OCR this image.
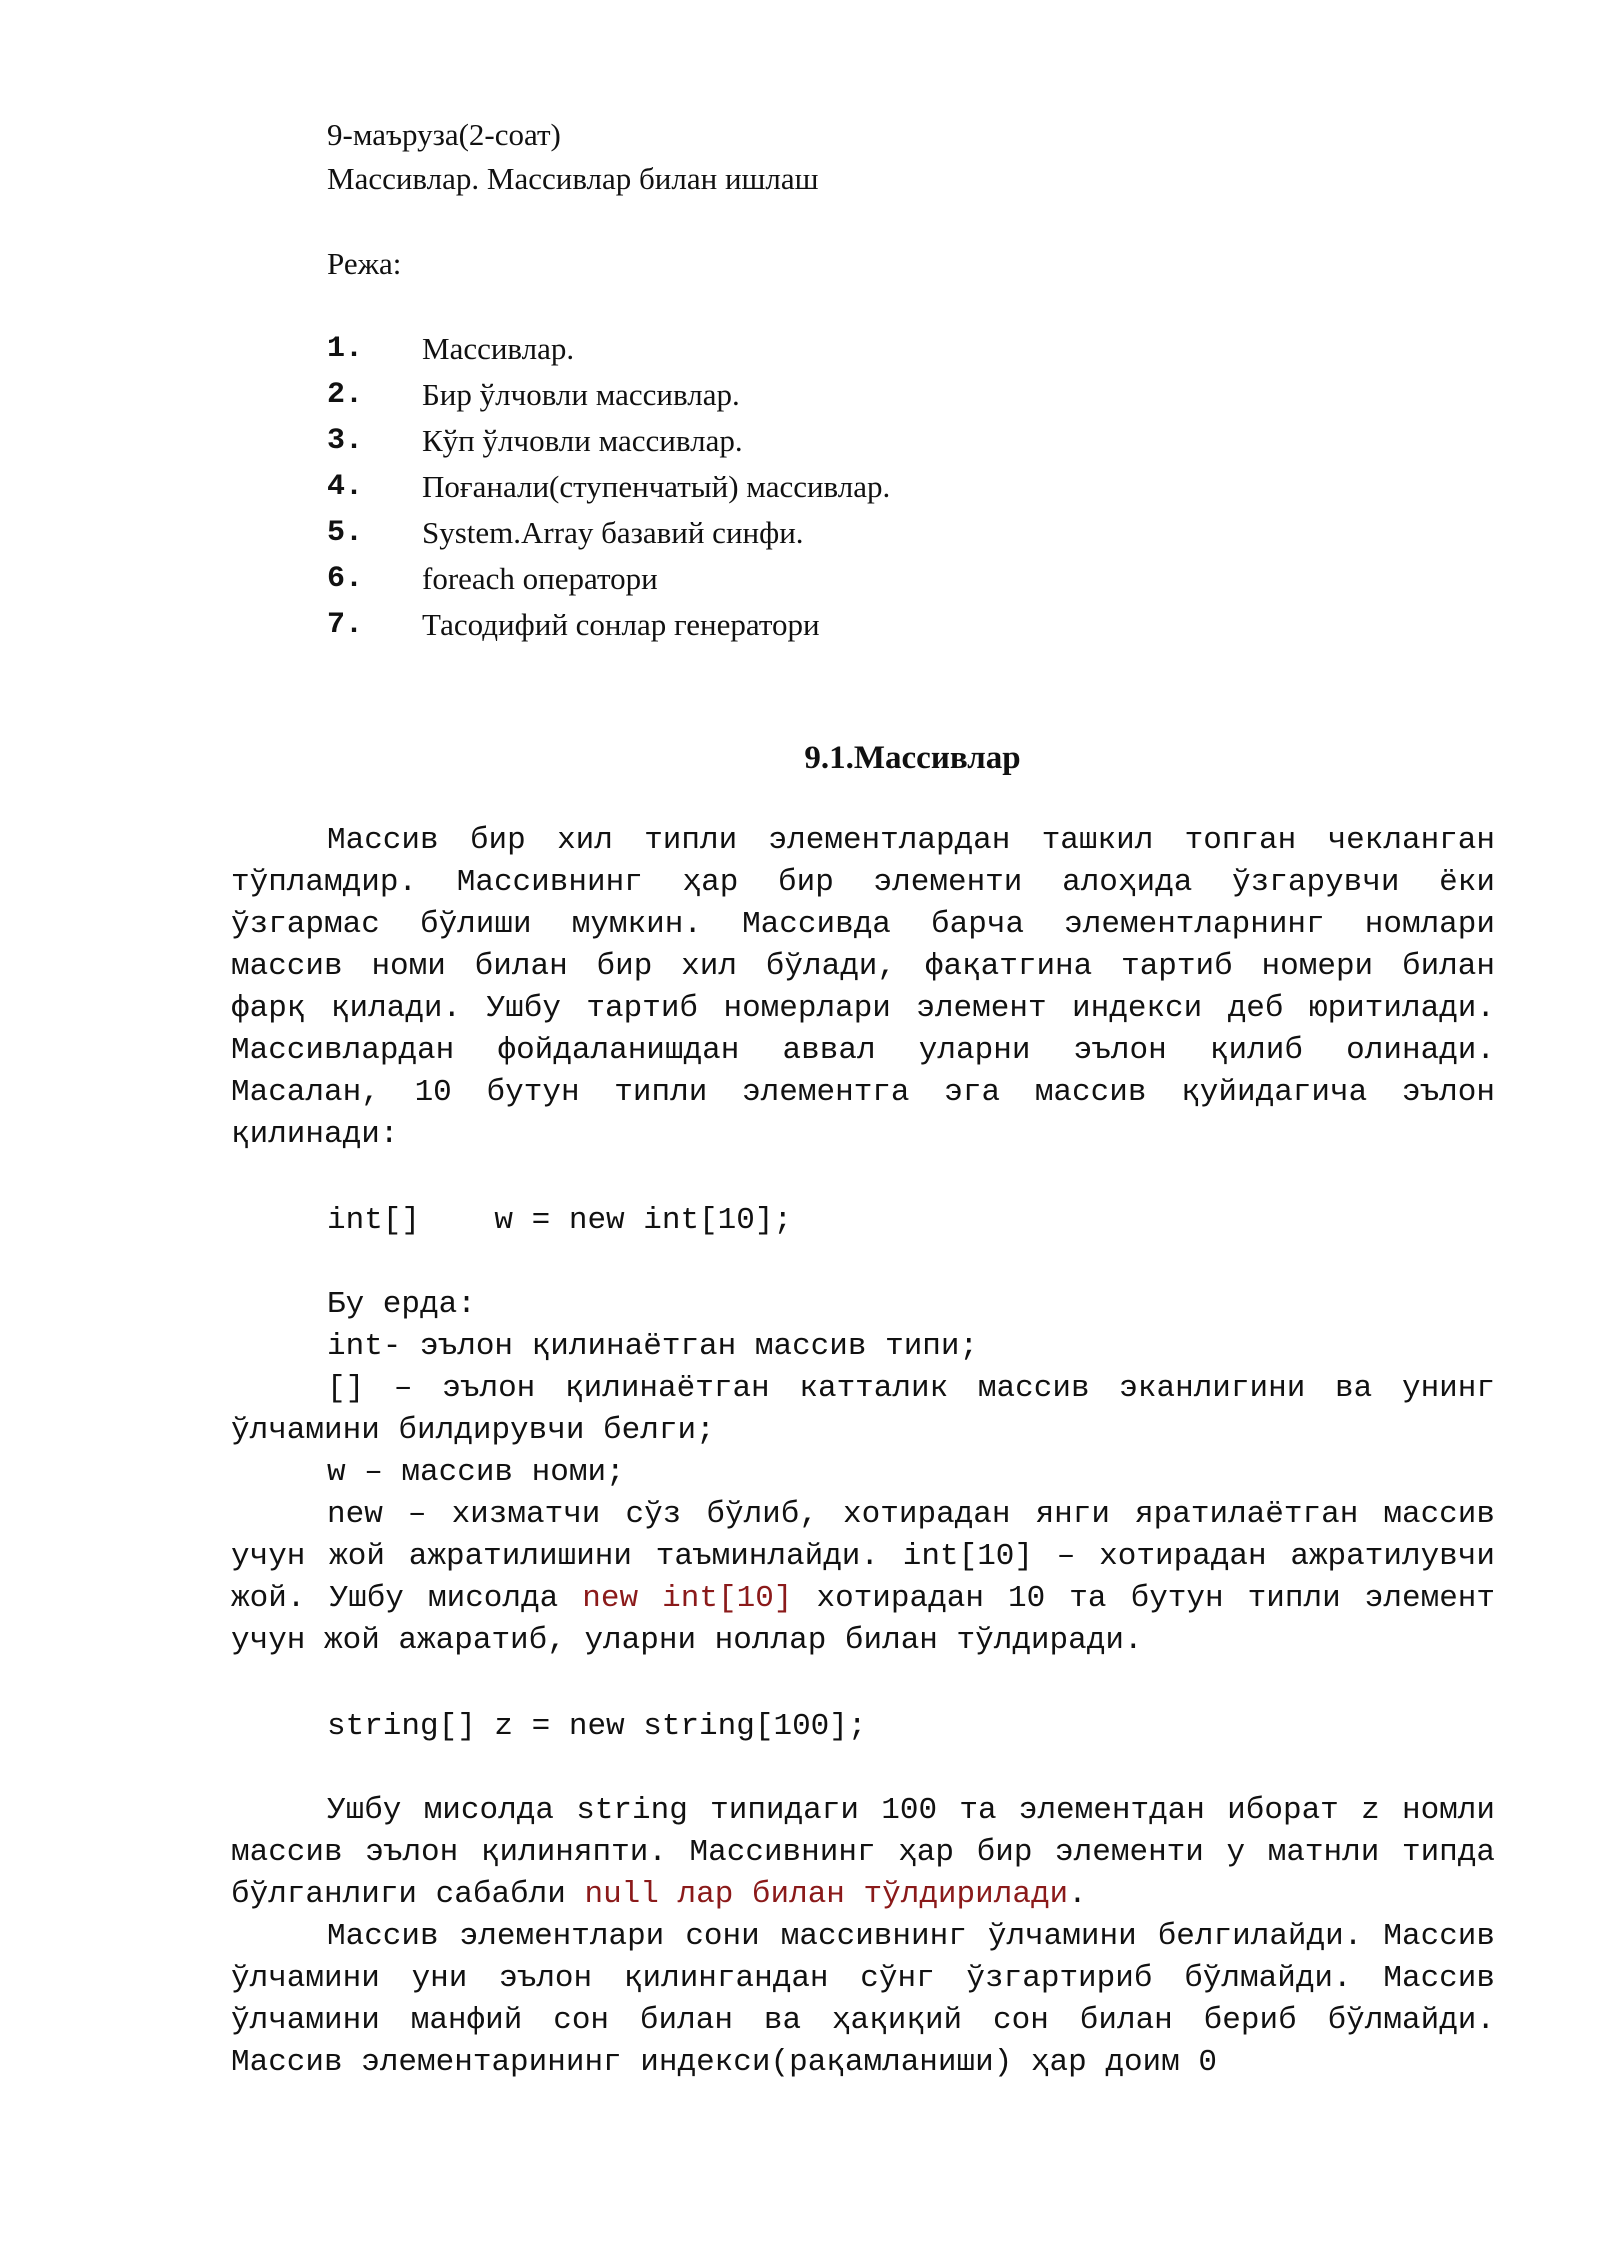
9-маъруза(2-соат)
Массивлар. Массивлар билан ишлаш
Режа:
1. Массивлар.
2. Бир ўлчовли массивлар.
3. Кўп ўлчовли массивлар.
4. Поғанали(ступенчатый) массивлар.
5. System.Array базавий синфи.
6. foreach оператори
7. Тасодифий сонлар генератори
9.1.Массивлар

Массив бир хил типли элементлардан ташкил топган чекланган тўпламдир. Массивнинг ҳар бир элементи алоҳида ўзгарувчи ёки ўзгармас бўлиши мумкин. Массивда барча элементларнинг номлари массив номи билан бир хил бўлади, фақатгина тартиб номери билан фарқ қилади. Ушбу тартиб номерлари элемент индекси деб юритилади. Массивлардан фойдаланишдан аввал уларни эълон қилиб олинади. Масалан, 10 бутун типли элементга эга массив қуйидагича эълон қилинади:

int[]    w = new int[10];
Бу ерда:

int- эълон қилинаётган массив типи;

[] – эълон қилинаётган катталик массив эканлигини ва унинг ўлчамини билдирувчи белги;

w – массив номи;

new – хизматчи сўз бўлиб, хотирадан янги яратилаётган массив учун жой ажратилишини таъминлайди. int[10] – хотирадан ажратилувчи жой. Ушбу мисолда new int[10] хотирадан 10 та бутун типли элемент учун жой ажаратиб, уларни ноллар билан тўлдиради.

string[] z = new string[100];

Ушбу мисолда string типидаги 100 та элементдан иборат z номли массив эълон қилиняпти. Массивнинг ҳар бир элементи у матнли типда бўлганлиги сабабли null лар билан тўлдирилади.

Массив элементлари сони массивнинг ўлчамини белгилайди. Массив ўлчамини уни эълон қилингандан сўнг ўзгартириб бўлмайди. Массив ўлчамини манфий сон билан ва ҳақиқий сон билан бериб бўлмайди. Массив элементарининг индекси(рақамланиши) ҳар доим 0
